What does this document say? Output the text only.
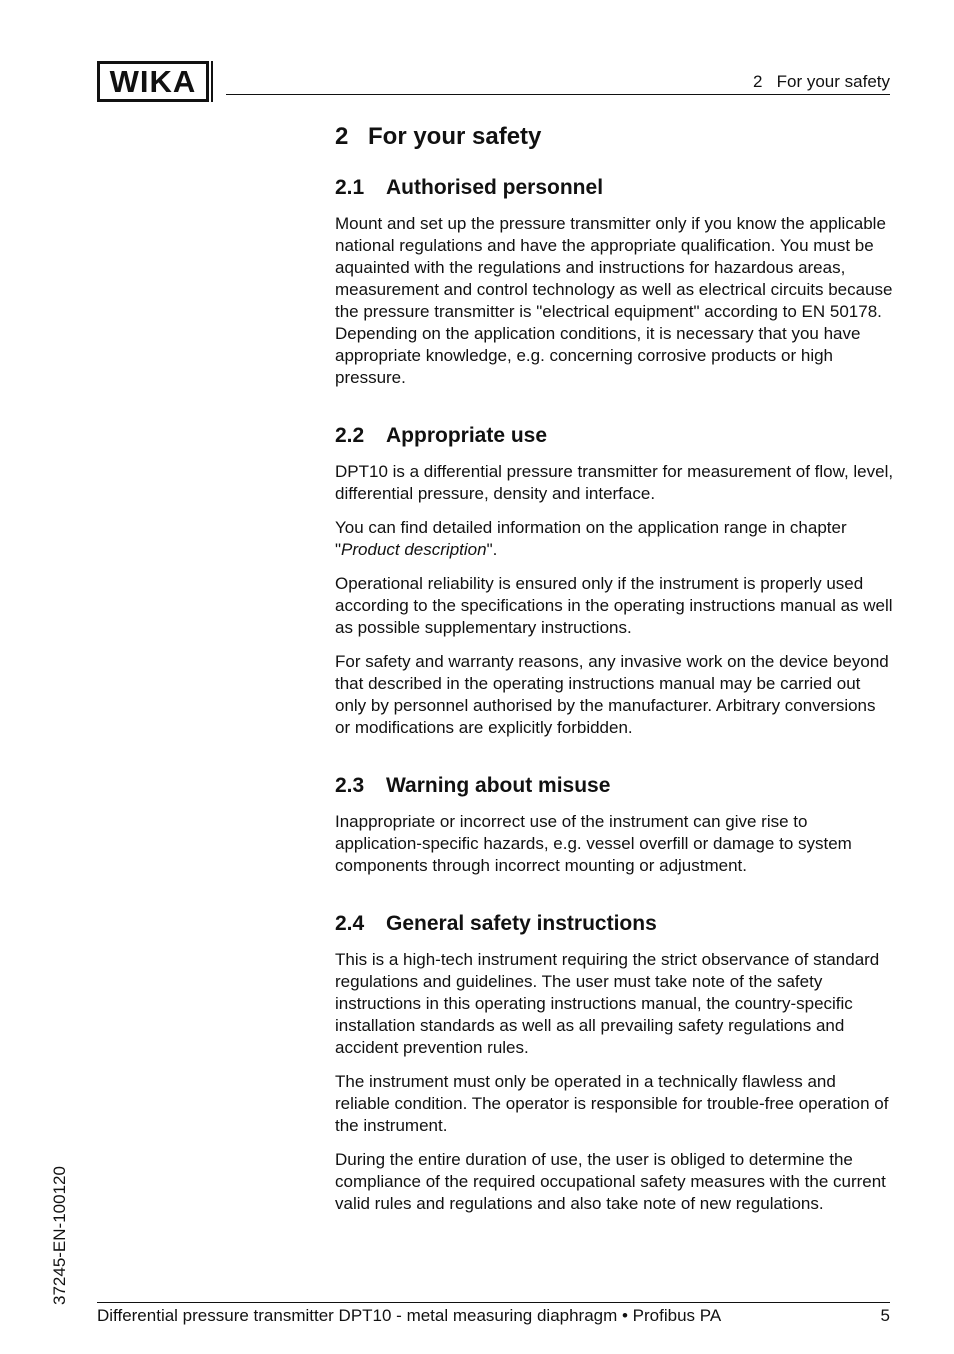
WIKA	2   For your safety
2 For your safety
2.1 Authorised personnel

Mount and set up the pressure transmitter only if you know the applicable national regulations and have the appropriate qualification. You must be aquainted with the regulations and instructions for hazardous areas, measurement and control technology as well as electrical circuits because the pressure transmitter is "electrical equipment" according to EN 50178. Depending on the application conditions, it is necessary that you have appropriate knowledge, e.g. concerning corrosive products or high pressure.

2.2 Appropriate use

DPT10 is a differential pressure transmitter for measurement of flow, level, differential pressure, density and interface.

You can find detailed information on the application range in chapter "Product description".

Operational reliability is ensured only if the instrument is properly used according to the specifications in the operating instructions manual as well as possible supplementary instructions.

For safety and warranty reasons, any invasive work on the device beyond that described in the operating instructions manual may be carried out only by personnel authorised by the manufacturer. Arbitrary conversions or modifications are explicitly forbidden.

2.3 Warning about misuse

Inappropriate or incorrect use of the instrument can give rise to application-specific hazards, e.g. vessel overfill or damage to system components through incorrect mounting or adjustment.

2.4 General safety instructions

This is a high-tech instrument requiring the strict observance of standard regulations and guidelines. The user must take note of the safety instructions in this operating instructions manual, the country-specific installation standards as well as all prevailing safety regulations and accident prevention rules.

The instrument must only be operated in a technically flawless and reliable condition. The operator is responsible for trouble-free operation of the instrument.

During the entire duration of use, the user is obliged to determine the compliance of the required occupational safety measures with the current valid rules and regulations and also take note of new regulations.

37245-EN-100120
Differential pressure transmitter DPT10 - metal measuring diaphragm • Profibus PA	5
